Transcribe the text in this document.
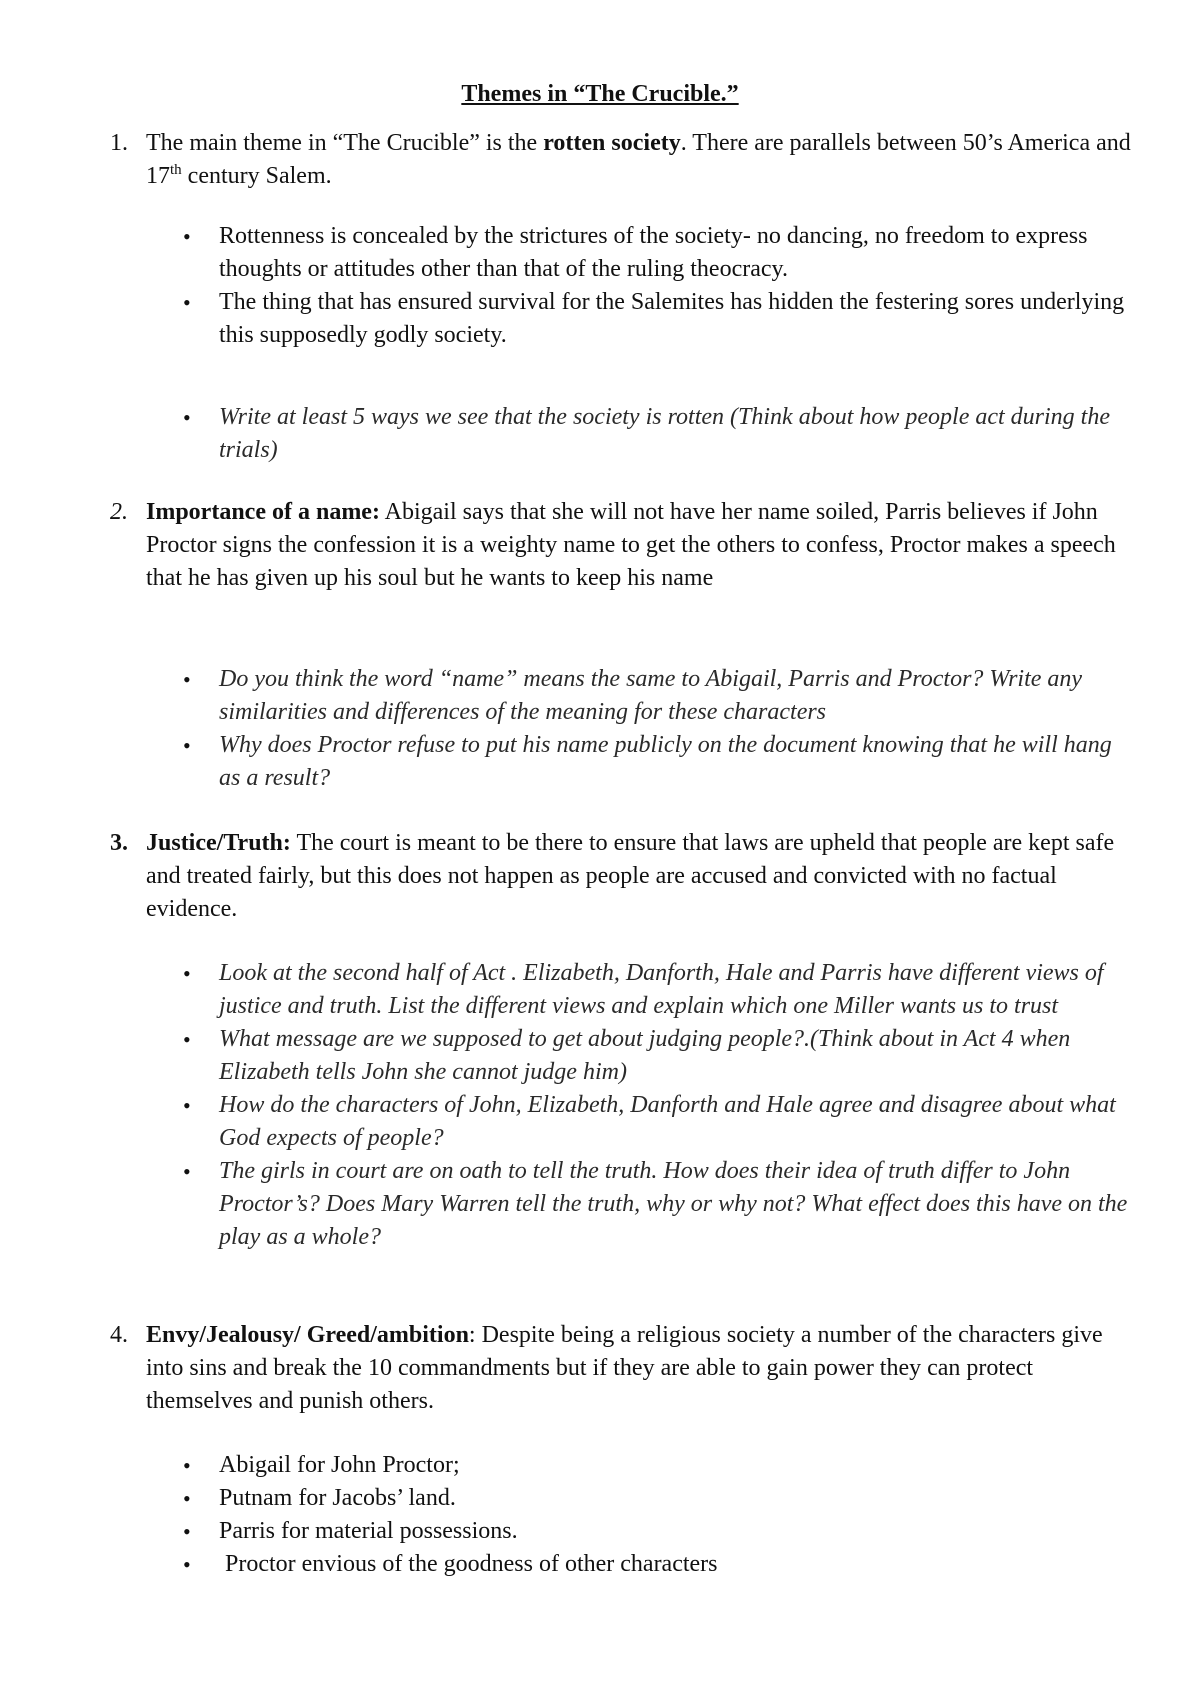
Themes in “The Crucible.”
1. The main theme in “The Crucible” is the rotten society. There are parallels between 50’s America and 17th century Salem.

• Rottenness is concealed by the strictures of the society- no dancing, no freedom to express thoughts or attitudes other than that of the ruling theocracy.
• The thing that has ensured survival for the Salemites has hidden the festering sores underlying this supposedly godly society.
• Write at least 5 ways we see that the society is rotten (Think about how people act during the trials)
2. Importance of a name: Abigail says that she will not have her name soiled, Parris believes if John Proctor signs the confession it is a weighty name to get the others to confess, Proctor makes a speech that he has given up his soul but he wants to keep his name

• Do you think the word “name” means the same to Abigail, Parris and Proctor? Write any similarities and differences of the meaning for these characters
• Why does Proctor refuse to put his name publicly on the document knowing that he will hang as a result?
3. Justice/Truth: The court is meant to be there to ensure that laws are upheld that people are kept safe and treated fairly, but this does not happen as people are accused and convicted with no factual evidence.

• Look at the second half of Act . Elizabeth, Danforth, Hale and Parris have different views of justice and truth. List the different views and explain which one Miller wants us to trust
• What message are we supposed to get about judging people?.(Think about in Act 4 when Elizabeth tells John she cannot judge him)
• How do the characters of John, Elizabeth, Danforth and Hale agree and disagree about what God expects of people?
• The girls in court are on oath to tell the truth. How does their idea of truth differ to John Proctor’s? Does Mary Warren tell the truth, why or why not? What effect does this have on the play as a whole?
4. Envy/Jealousy/ Greed/ambition: Despite being a religious society a number of the characters give into sins and break the 10 commandments but if they are able to gain power they can protect themselves and punish others.

• Abigail for John Proctor;
• Putnam for Jacobs’ land.
• Parris for material possessions.
• Proctor envious of the goodness of other characters
